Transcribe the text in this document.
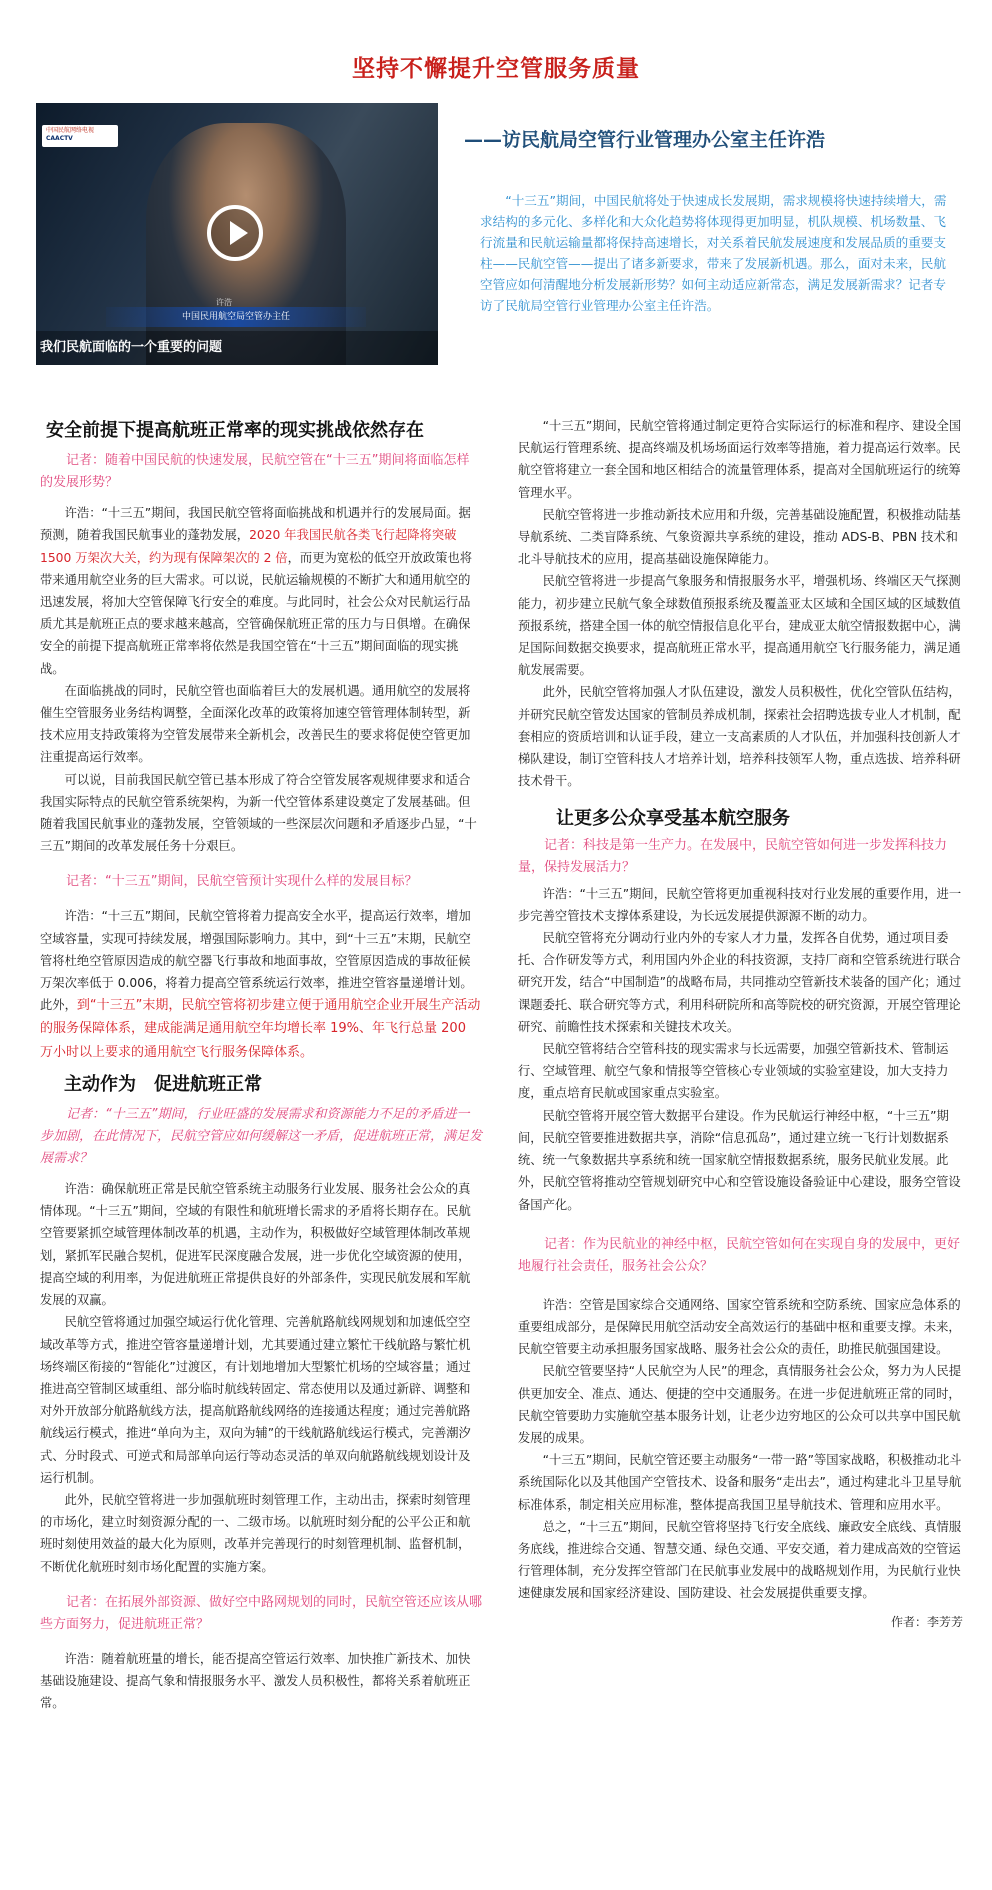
坚持不懈提升空管服务质量
中国民航网络电视
CAACTV
许浩
中国民用航空局空管办主任
我们民航面临的一个重要的问题
——访民航局空管行业管理办公室主任许浩
“十三五”期间，中国民航将处于快速成长发展期，需求规模将快速持续增大，需求结构的多元化、多样化和大众化趋势将体现得更加明显，机队规模、机场数量、飞行流量和民航运输量都将保持高速增长，对关系着民航发展速度和发展品质的重要支柱——民航空管——提出了诸多新要求，带来了发展新机遇。那么，面对未来，民航空管应如何清醒地分析发展新形势？如何主动适应新常态，满足发展新需求？记者专访了民航局空管行业管理办公室主任许浩。
安全前提下提高航班正常率的现实挑战依然存在

记者：随着中国民航的快速发展，民航空管在“十三五”期间将面临怎样的发展形势？

许浩：“十三五”期间，我国民航空管将面临挑战和机遇并行的发展局面。据预测，随着我国民航事业的蓬勃发展，2020 年我国民航各类飞行起降将突破 1500 万架次大关，约为现有保障架次的 2 倍，而更为宽松的低空开放政策也将带来通用航空业务的巨大需求。可以说，民航运输规模的不断扩大和通用航空的迅速发展，将加大空管保障飞行安全的难度。与此同时，社会公众对民航运行品质尤其是航班正点的要求越来越高，空管确保航班正常的压力与日俱增。在确保安全的前提下提高航班正常率将依然是我国空管在“十三五”期间面临的现实挑战。

在面临挑战的同时，民航空管也面临着巨大的发展机遇。通用航空的发展将催生空管服务业务结构调整，全面深化改革的政策将加速空管管理体制转型，新技术应用支持政策将为空管发展带来全新机会，改善民生的要求将促使空管更加注重提高运行效率。

可以说，目前我国民航空管已基本形成了符合空管发展客观规律要求和适合我国实际特点的民航空管系统架构，为新一代空管体系建设奠定了发展基础。但随着我国民航事业的蓬勃发展，空管领域的一些深层次问题和矛盾逐步凸显，“十三五”期间的改革发展任务十分艰巨。

记者：“十三五”期间，民航空管预计实现什么样的发展目标？

许浩：“十三五”期间，民航空管将着力提高安全水平，提高运行效率，增加空域容量，实现可持续发展，增强国际影响力。其中，到“十三五”末期，民航空管将杜绝空管原因造成的航空器飞行事故和地面事故，空管原因造成的事故征候万架次率低于 0.006，将着力提高空管系统运行效率，推进空管容量递增计划。此外，到“十三五”末期，民航空管将初步建立便于通用航空企业开展生产活动的服务保障体系，建成能满足通用航空年均增长率 19%、年飞行总量 200 万小时以上要求的通用航空飞行服务保障体系。

主动作为　促进航班正常

记者：“十三五”期间，行业旺盛的发展需求和资源能力不足的矛盾进一步加剧，在此情况下，民航空管应如何缓解这一矛盾，促进航班正常，满足发展需求？

许浩：确保航班正常是民航空管系统主动服务行业发展、服务社会公众的真情体现。“十三五”期间，空域的有限性和航班增长需求的矛盾将长期存在。民航空管要紧抓空域管理体制改革的机遇，主动作为，积极做好空域管理体制改革规划，紧抓军民融合契机，促进军民深度融合发展，进一步优化空域资源的使用，提高空域的利用率，为促进航班正常提供良好的外部条件，实现民航发展和军航发展的双赢。

民航空管将通过加强空域运行优化管理、完善航路航线网规划和加速低空空域改革等方式，推进空管容量递增计划，尤其要通过建立繁忙干线航路与繁忙机场终端区衔接的“智能化”过渡区，有计划地增加大型繁忙机场的空域容量；通过推进高空管制区域重组、部分临时航线转固定、常态使用以及通过新辟、调整和对外开放部分航路航线方法，提高航路航线网络的连接通达程度；通过完善航路航线运行模式，推进“单向为主，双向为辅”的干线航路航线运行模式，完善潮汐式、分时段式、可逆式和局部单向运行等动态灵活的单双向航路航线规划设计及运行机制。

此外，民航空管将进一步加强航班时刻管理工作，主动出击，探索时刻管理的市场化，建立时刻资源分配的一、二级市场。以航班时刻分配的公平公正和航班时刻使用效益的最大化为原则，改革并完善现行的时刻管理机制、监督机制，不断优化航班时刻市场化配置的实施方案。

记者：在拓展外部资源、做好空中路网规划的同时，民航空管还应该从哪些方面努力，促进航班正常？

许浩：随着航班量的增长，能否提高空管运行效率、加快推广新技术、加快基础设施建设、提高气象和情报服务水平、激发人员积极性，都将关系着航班正常。

“十三五”期间，民航空管将通过制定更符合实际运行的标准和程序、建设全国民航运行管理系统、提高终端及机场场面运行效率等措施，着力提高运行效率。民航空管将建立一套全国和地区相结合的流量管理体系，提高对全国航班运行的统筹管理水平。

民航空管将进一步推动新技术应用和升级，完善基础设施配置，积极推动陆基导航系统、二类盲降系统、气象资源共享系统的建设，推动 ADS-B、PBN 技术和北斗导航技术的应用，提高基础设施保障能力。

民航空管将进一步提高气象服务和情报服务水平，增强机场、终端区天气探测能力，初步建立民航气象全球数值预报系统及覆盖亚太区域和全国区域的区域数值预报系统，搭建全国一体的航空情报信息化平台，建成亚太航空情报数据中心，满足国际间数据交换要求，提高航班正常水平，提高通用航空飞行服务能力，满足通航发展需要。

此外，民航空管将加强人才队伍建设，激发人员积极性，优化空管队伍结构，并研究民航空管发达国家的管制员养成机制，探索社会招聘选拔专业人才机制，配套相应的资质培训和认证手段，建立一支高素质的人才队伍，并加强科技创新人才梯队建设，制订空管科技人才培养计划，培养科技领军人物，重点选拔、培养科研技术骨干。

让更多公众享受基本航空服务

记者：科技是第一生产力。在发展中，民航空管如何进一步发挥科技力量，保持发展活力？

许浩：“十三五”期间，民航空管将更加重视科技对行业发展的重要作用，进一步完善空管技术支撑体系建设，为长远发展提供源源不断的动力。

民航空管将充分调动行业内外的专家人才力量，发挥各自优势，通过项目委托、合作研发等方式，利用国内外企业的科技资源，支持厂商和空管系统进行联合研究开发，结合“中国制造”的战略布局，共同推动空管新技术装备的国产化；通过课题委托、联合研究等方式，利用科研院所和高等院校的研究资源，开展空管理论研究、前瞻性技术探索和关键技术攻关。

民航空管将结合空管科技的现实需求与长远需要，加强空管新技术、管制运行、空域管理、航空气象和情报等空管核心专业领域的实验室建设，加大支持力度，重点培育民航或国家重点实验室。

民航空管将开展空管大数据平台建设。作为民航运行神经中枢，“十三五”期间，民航空管要推进数据共享，消除“信息孤岛”，通过建立统一飞行计划数据系统、统一气象数据共享系统和统一国家航空情报数据系统，服务民航业发展。此外，民航空管将推动空管规划研究中心和空管设施设备验证中心建设，服务空管设备国产化。

记者：作为民航业的神经中枢，民航空管如何在实现自身的发展中，更好地履行社会责任，服务社会公众？

许浩：空管是国家综合交通网络、国家空管系统和空防系统、国家应急体系的重要组成部分，是保障民用航空活动安全高效运行的基础中枢和重要支撑。未来，民航空管要主动承担服务国家战略、服务社会公众的责任，助推民航强国建设。

民航空管要坚持“人民航空为人民”的理念，真情服务社会公众，努力为人民提供更加安全、准点、通达、便捷的空中交通服务。在进一步促进航班正常的同时，民航空管要助力实施航空基本服务计划，让老少边穷地区的公众可以共享中国民航发展的成果。

“十三五”期间，民航空管还要主动服务“一带一路”等国家战略，积极推动北斗系统国际化以及其他国产空管技术、设备和服务“走出去”，通过构建北斗卫星导航标准体系，制定相关应用标准，整体提高我国卫星导航技术、管理和应用水平。

总之，“十三五”期间，民航空管将坚持飞行安全底线、廉政安全底线、真情服务底线，推进综合交通、智慧交通、绿色交通、平安交通，着力建成高效的空管运行管理体制，充分发挥空管部门在民航事业发展中的战略规划作用，为民航行业快速健康发展和国家经济建设、国防建设、社会发展提供重要支撑。

作者：李芳芳
